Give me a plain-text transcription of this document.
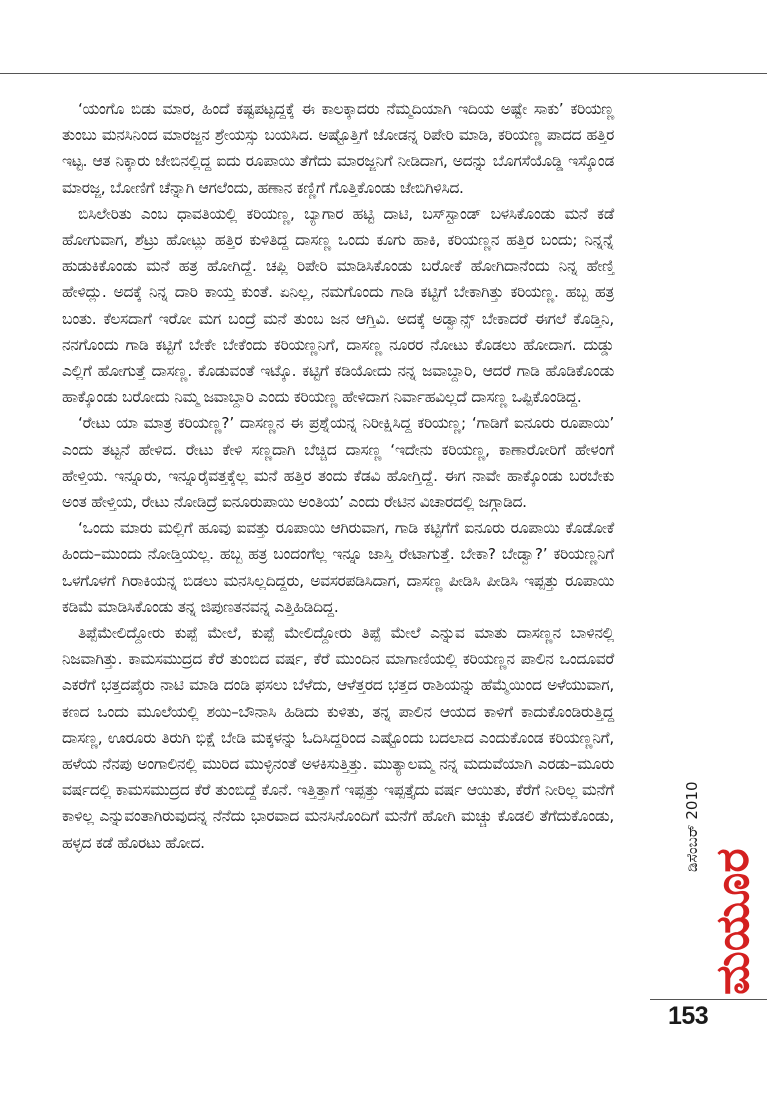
‘ಯಂಗೊ ಬಿಡು ಮಾರ, ಹಿಂದೆ ಕಷ್ಟಪಟ್ಟದ್ದಕ್ಕೆ ಈ ಕಾಲಕ್ಕಾದರು ನೆಮ್ಮದಿಯಾಗಿ ಇದಿಯ ಅಷ್ಟೇ ಸಾಕು’ ಕರಿಯಣ್ಣ ತುಂಬು ಮನಸಿನಿಂದ ಮಾರಜ್ಜನ ಶ್ರೇಯಸ್ಸು ಬಯಸಿದ. ಅಷ್ಟೊತ್ತಿಗೆ ಜೋಡನ್ನ ರಿಪೇರಿ ಮಾಡಿ, ಕರಿಯಣ್ಣ ಪಾದದ ಹತ್ತಿರ ಇಟ್ಟ. ಆತ ನಿಕ್ಕಾರು ಜೇಬಿನಲ್ಲಿದ್ದ ಐದು ರೂಪಾಯಿ ತೆಗೆದು ಮಾರಜ್ಜನಿಗೆ ನೀಡಿದಾಗ, ಅದನ್ನು ಬೊಗಸೆಯೊಡ್ಡಿ ಇಸ್ಕೊಂಡ ಮಾರಜ್ಜ, ಬೋಣಿಗೆ ಚೆನ್ನಾಗಿ ಆಗಲೆಂದು, ಹಣಾನ ಕಣ್ಣಿಗೆ ಗೊತ್ತಿಕೊಂಡು ಜೇಬಿಗಿಳಿಸಿದ.

ಬಿಸಿಲೇರಿತು ಎಂಬ ಧಾವತಿಯಲ್ಲಿ ಕರಿಯಣ್ಣ, ಬ್ಯಾಗಾರ ಹಟ್ಟಿ ದಾಟಿ, ಬಸ್‌ಸ್ಟಾಂಡ್ ಬಳಸಿಕೊಂಡು ಮನೆ ಕಡೆ ಹೋಗುವಾಗ, ಶೆಟ್ರು ಹೋಟ್ಲು ಹತ್ತಿರ ಕುಳಿತಿದ್ದ ದಾಸಣ್ಣ ಒಂದು ಕೂಗು ಹಾಕಿ, ಕರಿಯಣ್ಣನ ಹತ್ತಿರ ಬಂದು; ನಿನ್ನನ್ನೆ ಹುಡುಕಿಕೊಂಡು ಮನೆ ಹತ್ರ ಹೋಗಿದ್ದೆ. ಚಪ್ಲಿ ರಿಪೇರಿ ಮಾಡಿಸಿಕೊಂಡು ಬರೋಕೆ ಹೋಗಿದಾನೆಂದು ನಿನ್ನ ಹೇಣ್ತಿ ಹೇಳಿದ್ಲು. ಅದಕ್ಕೆ ನಿನ್ನ ದಾರಿ ಕಾಯ್ತ ಕುಂತೆ. ಏನಿಲ್ಲ, ನಮಗೊಂದು ಗಾಡಿ ಕಟ್ಟಿಗೆ ಬೇಕಾಗಿತ್ತು ಕರಿಯಣ್ಣ. ಹಬ್ಬ ಹತ್ರ ಬಂತು. ಕೆಲಸದಾಗೆ ಇರೋ ಮಗ ಬಂದ್ರೆ ಮನೆ ತುಂಬ ಜನ ಆಗ್ತಿವಿ. ಅದಕ್ಕೆ ಅಡ್ವಾನ್ಸ್ ಬೇಕಾದರೆ ಈಗಲೆ ಕೊಡ್ತಿನಿ, ನನಗೊಂದು ಗಾಡಿ ಕಟ್ಟಿಗೆ ಬೇಕೇ ಬೇಕೆಂದು ಕರಿಯಣ್ಣನಿಗೆ, ದಾಸಣ್ಣ ನೂರರ ನೋಟು ಕೊಡಲು ಹೋದಾಗ. ದುಡ್ಡು ಎಲ್ಲಿಗೆ ಹೋಗುತ್ತೆ ದಾಸಣ್ಣ. ಕೊಡುವಂತೆ ಇಟ್ಕೊ. ಕಟ್ಟಿಗೆ ಕಡಿಯೋದು ನನ್ನ ಜವಾಬ್ದಾರಿ, ಆದರೆ ಗಾಡಿ ಹೊಡಿಕೊಂಡು ಹಾಕ್ಕೊಂಡು ಬರೋದು ನಿಮ್ಮ ಜವಾಬ್ದಾರಿ ಎಂದು ಕರಿಯಣ್ಣ ಹೇಳಿದಾಗ ನಿರ್ವಾಹವಿಲ್ಲದೆ ದಾಸಣ್ಣ ಒಪ್ಪಿಕೊಂಡಿದ್ದ.

‘ರೇಟು ಯಾ ಮಾತ್ರ ಕರಿಯಣ್ಣ?’ ದಾಸಣ್ಣನ ಈ ಪ್ರಶ್ನೆಯನ್ನ ನಿರೀಕ್ಷಿಸಿದ್ದ ಕರಿಯಣ್ಣ; ‘ಗಾಡಿಗೆ ಐನೂರು ರೂಪಾಯಿ’ ಎಂದು ತಟ್ಟನೆ ಹೇಳಿದ. ರೇಟು ಕೇಳಿ ಸಣ್ಣದಾಗಿ ಬೆಚ್ಚಿದ ದಾಸಣ್ಣ ‘ಇದೇನು ಕರಿಯಣ್ಣ, ಕಾಣಾರೋರಿಗೆ ಹೇಳಂಗೆ ಹೇಳ್ತಿಯ. ಇನ್ನೂರು, ಇನ್ನೂರೈವತ್ತಕ್ಕೆಲ್ಲ ಮನೆ ಹತ್ತಿರ ತಂದು ಕೆಡವಿ ಹೋಗ್ತಿದ್ದೆ. ಈಗ ನಾವೇ ಹಾಕ್ಕೊಂಡು ಬರಬೇಕು ಅಂತ ಹೇಳ್ತಿಯ, ರೇಟು ನೋಡಿದ್ರೆ ಐನೂರುಪಾಯಿ ಅಂತಿಯ’ ಎಂದು ರೇಟಿನ ವಿಚಾರದಲ್ಲಿ ಜಗ್ಗಾಡಿದ.

‘ಒಂದು ಮಾರು ಮಲ್ಲಿಗೆ ಹೂವು ಐವತ್ತು ರೂಪಾಯಿ ಆಗಿರುವಾಗ, ಗಾಡಿ ಕಟ್ಟಿಗೆಗೆ ಐನೂರು ರೂಪಾಯಿ ಕೊಡೋಕೆ ಹಿಂದು–ಮುಂದು ನೋಡ್ತಿಯಲ್ಲ. ಹಬ್ಬ ಹತ್ರ ಬಂದಂಗೆಲ್ಲ ಇನ್ನೂ ಜಾಸ್ತಿ ರೇಟಾಗುತ್ತೆ. ಬೇಕಾ? ಬೇಡ್ವಾ?’ ಕರಿಯಣ್ಣನಿಗೆ ಒಳಗೊಳಗೆ ಗಿರಾಕಿಯನ್ನ ಬಿಡಲು ಮನಸಿಲ್ಲದಿದ್ದರು, ಅವಸರಪಡಿಸಿದಾಗ, ದಾಸಣ್ಣ ಪೀಡಿಸಿ ಪೀಡಿಸಿ ಇಪ್ಪತ್ತು ರೂಪಾಯಿ ಕಡಿಮೆ ಮಾಡಿಸಿಕೊಂಡು ತನ್ನ ಜಿಪುಣತನವನ್ನ ಎತ್ತಿಹಿಡಿದಿದ್ದ.

ತಿಪ್ಪೆಮೇಲಿದ್ದೋರು ಕುಪ್ಪೆ ಮೇಲೆ, ಕುಪ್ಪೆ ಮೇಲಿದ್ದೋರು ತಿಪ್ಪೆ ಮೇಲೆ ಎನ್ನುವ ಮಾತು ದಾಸಣ್ಣನ ಬಾಳಿನಲ್ಲಿ ನಿಜವಾಗಿತ್ತು. ಕಾಮಸಮುದ್ರದ ಕೆರೆ ತುಂಬಿದ ವರ್ಷ, ಕೆರೆ ಮುಂದಿನ ಮಾಗಾಣಿಯಲ್ಲಿ ಕರಿಯಣ್ಣನ ಪಾಲಿನ ಒಂದೂವರೆ ಎಕರೆಗೆ ಭತ್ತದಪೈರು ನಾಟಿ ಮಾಡಿ ದಂಡಿ ಫಸಲು ಬೆಳೆದು, ಆಳೆತ್ತರದ ಭತ್ತದ ರಾಶಿಯನ್ನು ಹೆಮ್ಮೆಯಿಂದ ಅಳೆಯುವಾಗ, ಕಣದ ಒಂದು ಮೂಲೆಯಲ್ಲಿ ಶಯಿ–ಬೌನಾಸಿ ಹಿಡಿದು ಕುಳಿತು, ತನ್ನ ಪಾಲಿನ ಆಯದ ಕಾಳಿಗೆ ಕಾದುಕೊಂಡಿರುತ್ತಿದ್ದ ದಾಸಣ್ಣ, ಊರೂರು ತಿರುಗಿ ಭಿಕ್ಷೆ ಬೇಡಿ ಮಕ್ಕಳನ್ನು ಓದಿಸಿದ್ದರಿಂದ ಎಷ್ಟೊಂದು ಬದಲಾದ ಎಂದುಕೊಂಡ ಕರಿಯಣ್ಣನಿಗೆ, ಹಳೆಯ ನೆನಪು ಅಂಗಾಲಿನಲ್ಲಿ ಮುರಿದ ಮುಳ್ಳಿನಂತೆ ಅಳಕಿಸುತ್ತಿತ್ತು. ಮುತ್ಯಾಲಮ್ಮ ನನ್ನ ಮದುವೆಯಾಗಿ ಎರಡು–ಮೂರು ವರ್ಷದಲ್ಲಿ ಕಾಮಸಮುದ್ರದ ಕೆರೆ ತುಂಬಿದ್ದೆ ಕೊನೆ. ಇತ್ತಿತ್ತಾಗೆ ಇಪ್ಪತ್ತು ಇಪ್ಪತ್ತೈದು ವರ್ಷ ಆಯಿತು, ಕೆರೆಗೆ ನೀರಿಲ್ಲ ಮನೆಗೆ ಕಾಳಿಲ್ಲ ಎನ್ನುವಂತಾಗಿರುವುದನ್ನ ನೆನೆದು ಭಾರವಾದ ಮನಸಿನೊಂದಿಗೆ ಮನೆಗೆ ಹೋಗಿ ಮಚ್ಚು ಕೊಡಲಿ ತೆಗೆದುಕೊಂಡು, ಹಳ್ಳದ ಕಡೆ ಹೊರಟು ಹೋದ.	ಡಿಸೆಂಬರ್ 2010
ಮಯೂರ
153
